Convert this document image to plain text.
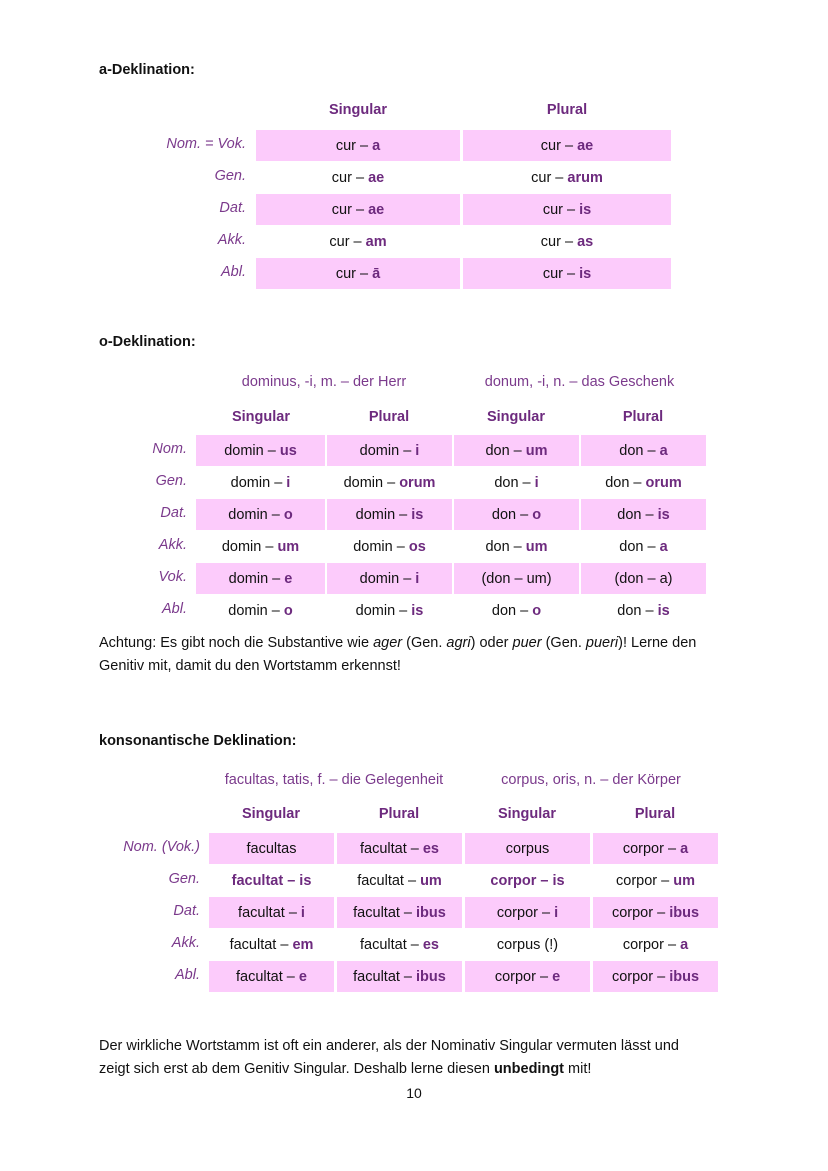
a-Deklination:
Singular	Plural
Nom. = Vok.	cur – a	cur – ae
Gen.	cur – ae	cur – arum
Dat.	cur – ae	cur – is
Akk.	cur – am	cur – as
Abl.	cur – ā	cur – is
o-Deklination:
dominus, -i, m. – der Herr	donum, -i, n. – das Geschenk
Singular	Plural	Singular	Plural
Nom.	domin – us	domin – i	don – um	don – a
Gen.	domin – i	domin – orum	don – i	don – orum
Dat.	domin – o	domin – is	don – o	don – is
Akk. domin – um	domin – os	don – um	don – a
Vok.	domin – e	domin – i	(don – um)	(don – a)
Abl.	domin – o	domin – is	don – o	don – is
Achtung: Es gibt noch die Substantive wie ager (Gen. agri) oder puer (Gen. pueri)! Lerne den
Genitiv mit, damit du den Wortstamm erkennst!
konsonantische Deklination:
facultas, tatis, f. – die Gelegenheit	corpus, oris, n. – der Körper
Singular	Plural	Singular	Plural
Nom. (Vok.)	facultas	facultat – es	corpus	corpor – a
Gen. facultat – is	facultat – um	corpor – is	corpor – um
Dat.	facultat – i	facultat – ibus	corpor – i	corpor – ibus
Akk. facultat – em	facultat – es	corpus (!)	corpor – a
Abl. facultat – e	facultat – ibus	corpor – e	corpor – ibus
Der wirkliche Wortstamm ist oft ein anderer, als der Nominativ Singular vermuten lässt und
zeigt sich erst ab dem Genitiv Singular. Deshalb lerne diesen unbedingt mit!
10
